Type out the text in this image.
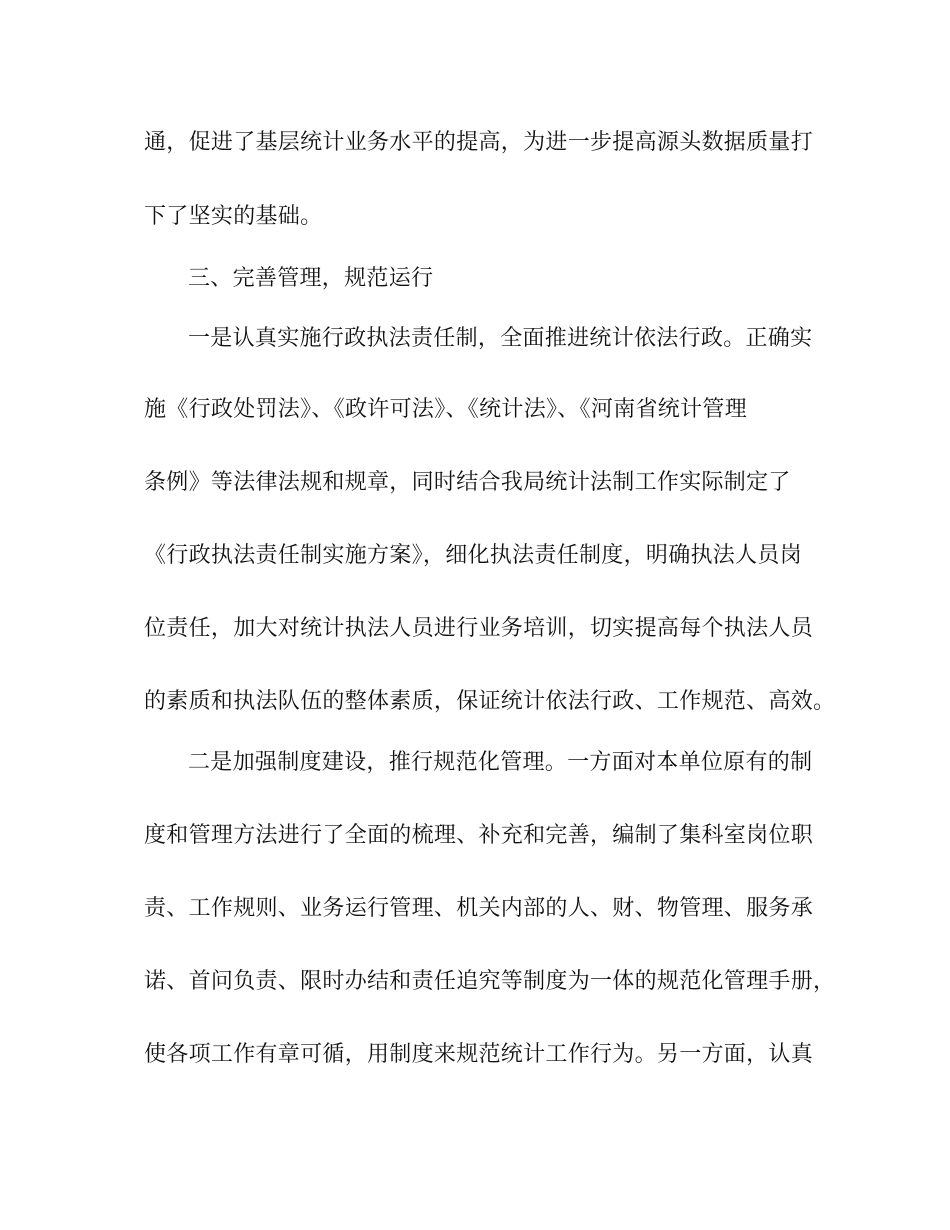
通，促进了基层统计业务水平的提高，为进一步提高源头数据质量打
下了坚实的基础。
三、完善管理，规范运行
一是认真实施行政执法责任制，全面推进统计依法行政。正确实
施《行政处罚法》、《政许可法》、《统计法》、《河南省统计管理
条例》等法律法规和规章，同时结合我局统计法制工作实际制定了
《行政执法责任制实施方案》，细化执法责任制度，明确执法人员岗
位责任，加大对统计执法人员进行业务培训，切实提高每个执法人员
的素质和执法队伍的整体素质，保证统计依法行政、工作规范、高效。
二是加强制度建设，推行规范化管理。一方面对本单位原有的制
度和管理方法进行了全面的梳理、补充和完善，编制了集科室岗位职
责、工作规则、业务运行管理、机关内部的人、财、物管理、服务承
诺、首问负责、限时办结和责任追究等制度为一体的规范化管理手册，
使各项工作有章可循，用制度来规范统计工作行为。另一方面，认真
